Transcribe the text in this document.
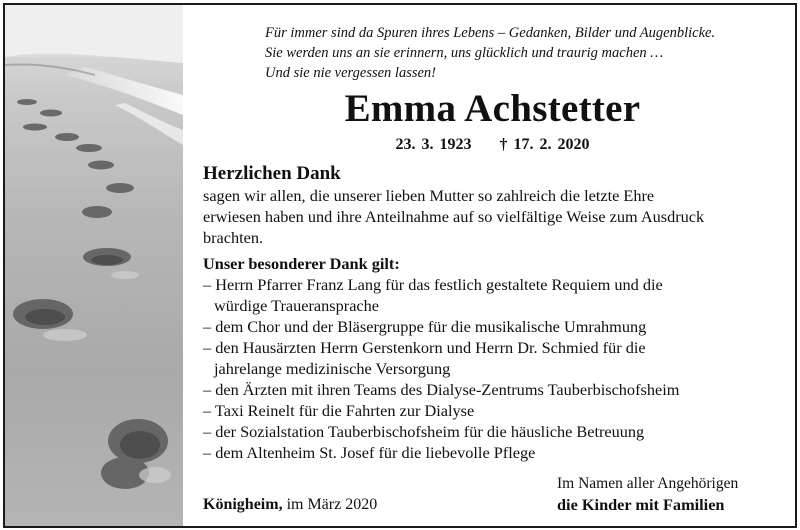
Für immer sind da Spuren ihres Lebens – Gedanken, Bilder und Augenblicke.
Sie werden uns an sie erinnern, uns glücklich und traurig machen …
Und sie nie vergessen lassen!
Emma Achstetter
23. 3. 1923 † 17. 2. 2020
Herzlichen Dank
sagen wir allen, die unserer lieben Mutter so zahlreich die letzte Ehre
erwiesen haben und ihre Anteilnahme auf so vielfältige Weise zum Ausdruck
brachten.
Unser besonderer Dank gilt:
– Herrn Pfarrer Franz Lang für das festlich gestaltete Requiem und die
würdige Traueransprache
– dem Chor und der Bläsergruppe für die musikalische Umrahmung
– den Hausärzten Herrn Gerstenkorn und Herrn Dr. Schmied für die
jahrelange medizinische Versorgung
– den Ärzten mit ihren Teams des Dialyse-Zentrums Tauberbischofsheim
– Taxi Reinelt für die Fahrten zur Dialyse
– der Sozialstation Tauberbischofsheim für die häusliche Betreuung
– dem Altenheim St. Josef für die liebevolle Pflege
Im Namen aller Angehörigen
Königheim, im März 2020	die Kinder mit Familien
